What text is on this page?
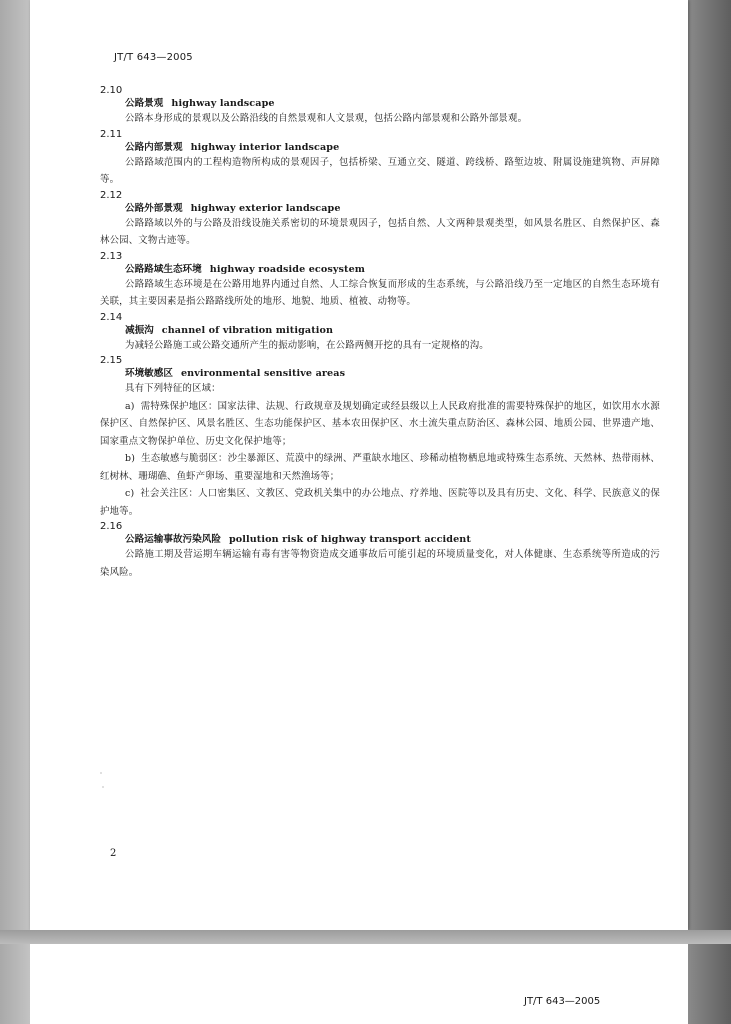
JT/T 643—2005
2.10
公路景观 highway landscape

公路本身形成的景观以及公路沿线的自然景观和人文景观，包括公路内部景观和公路外部景观。

2.11
公路内部景观 highway interior landscape

公路路域范围内的工程构造物所构成的景观因子，包括桥梁、互通立交、隧道、跨线桥、路堑边坡、附属设施建筑物、声屏障等。

2.12
公路外部景观 highway exterior landscape

公路路域以外的与公路及沿线设施关系密切的环境景观因子，包括自然、人文两种景观类型，如风景名胜区、自然保护区、森林公园、文物古迹等。

2.13
公路路域生态环境 highway roadside ecosystem

公路路域生态环境是在公路用地界内通过自然、人工综合恢复而形成的生态系统，与公路沿线乃至一定地区的自然生态环境有关联，其主要因素是指公路路线所处的地形、地貌、地质、植被、动物等。

2.14
减振沟 channel of vibration mitigation

为减轻公路施工或公路交通所产生的振动影响，在公路两侧开挖的具有一定规格的沟。

2.15
环境敏感区 environmental sensitive areas

具有下列特征的区域：

a) 需特殊保护地区：国家法律、法规、行政规章及规划确定或经县级以上人民政府批准的需要特殊保护的地区，如饮用水水源保护区、自然保护区、风景名胜区、生态功能保护区、基本农田保护区、水土流失重点防治区、森林公园、地质公园、世界遗产地、国家重点文物保护单位、历史文化保护地等；

b) 生态敏感与脆弱区：沙尘暴源区、荒漠中的绿洲、严重缺水地区、珍稀动植物栖息地或特殊生态系统、天然林、热带雨林、红树林、珊瑚礁、鱼虾产卵场、重要湿地和天然渔场等；

c) 社会关注区：人口密集区、文教区、党政机关集中的办公地点、疗养地、医院等以及具有历史、文化、科学、民族意义的保护地等。

2.16
公路运输事故污染风险 pollution risk of highway transport accident

公路施工期及营运期车辆运输有毒有害等物资造成交通事故后可能引起的环境质量变化，对人体健康、生态系统等所造成的污染风险。

2
JT/T 643—2005
